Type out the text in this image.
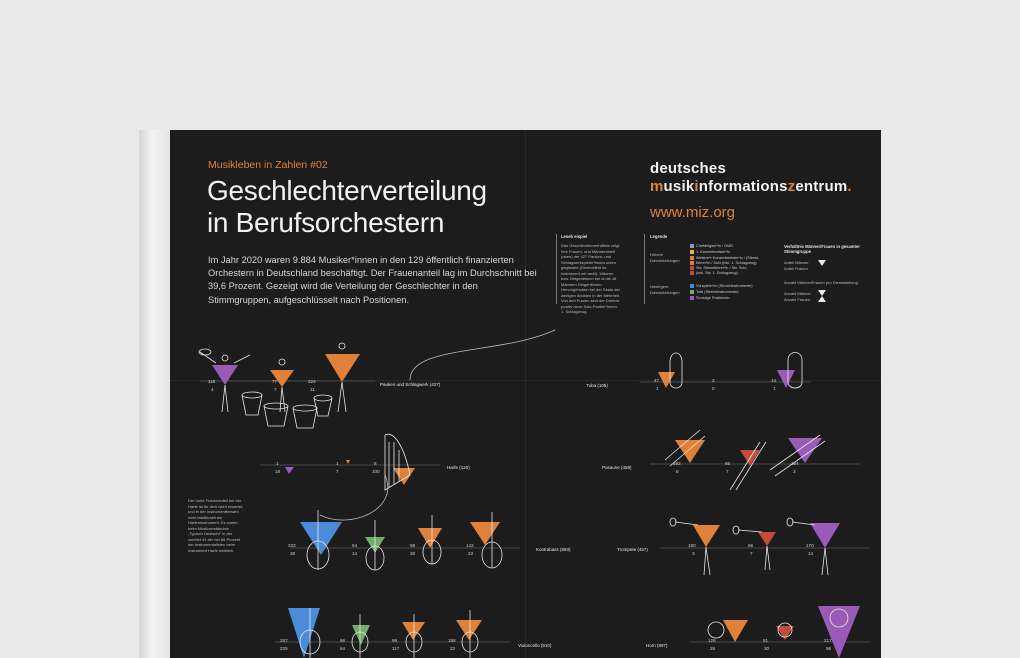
Musikleben in Zahlen #02
Geschlechterverteilung
in Berufsorchestern
Im Jahr 2020 waren 9.884 Musiker*innen in den 129 öffentlich finanzierten Orchestern in Deutschland beschäftigt. Der Frauenanteil lag im Durchschnitt bei 39,6 Prozent. Gezeigt wird die Verteilung der Geschlechter in den Stimmgruppen, aufgeschlüsselt nach Positionen.
deutsches
musikinformationszentrum.
www.miz.org
Leseb eispiel
Das Geschlechterverhältnis zeigt Ihre Frauen- und Männeranteil (oben) der 427 Pauken- und Schlagwerkspieler*innen unten gegliedert (Dreieckfeld im Instrument mit weiß). Männer bzw. Dirigentinnen bei di die 48 Männern Dirigentinnen. Hervorgehoben bei der Skala der wenigen doublen in der Mehrheit. Von den Frauen sind der Dreieck positiv neun Solo-Pauker*innen 1. Schlagzeug.
Legende
Höhere Dienststellungen
Niedrigere Dienststellungen
Chefdirigent*in / GMD
1. Konzertmeister*in
Weitere*r Konzertmeister*in / (Stimm-
führer*in / Solo (inkl. 1. Schlagzeug)
Stv. Stimmführer*in / Stv. Solo
(inkl. Stv. 1. Schlagzeug)
Vorspieler*in (Streichinstrumente)
Tutti (Streichinstrumente)
Sonstige Positionen
Verhältnis Männer/Frauen in gesamter Stimmgruppe
Anteil Männer
Anteil Frauen
Anzahl Männer/Frauen pro Dienststellung
Anzahl Männer
Anzahl Frauen
Pauken und Schlagwerk (427)	Tuba (105)
Harfe (120)	Posaune (459)
Kontrabass (893)	Trompete (457)
Violoncello (910)	Horn (897)
Der hohe Frauenanteil bei der Harfe ist für dich nicht erwartet, und in der Instrumentenwahl nicht traditionell ein Harfeninstrument. Es waren beim Musikverständnis „Typisch Deutsch!“ in der vorletzt 44 der bei 86 Prozent der Instrumentalisten beim Instrument Harfe weiblich.
118
4
77
7
224
11
47
1
2
0
14
1
1
18
1
7
6
100
192
8
65
7
184
3
233
38
94
14
98
30
142
23
180
3
66
7
170
14
287
225
66
64
96
117
198
22
126
28
81
30
217
96
